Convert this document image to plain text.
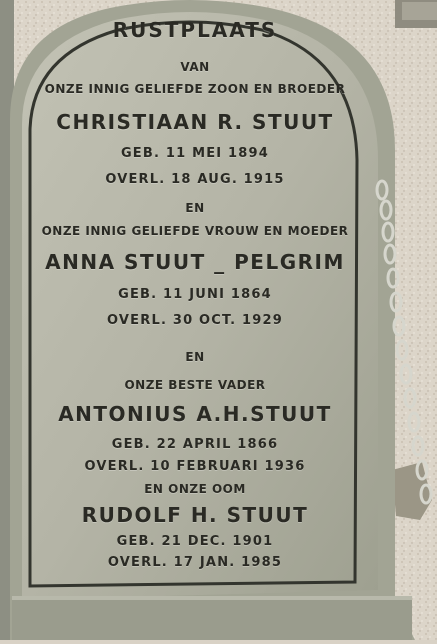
RUSTPLAATS
VAN
ONZE INNIG GELIEFDE ZOON EN BROEDER
CHRISTIAAN R. STUUT
GEB. 11 MEI 1894
OVERL. 18 AUG. 1915
EN
ONZE INNIG GELIEFDE VROUW EN MOEDER
ANNA STUUT _ PELGRIM
GEB. 11 JUNI 1864
OVERL. 30 OCT. 1929
EN
ONZE BESTE VADER
ANTONIUS A.H.STUUT
GEB. 22 APRIL 1866
OVERL. 10 FEBRUARI 1936
EN ONZE OOM
RUDOLF H. STUUT
GEB. 21 DEC. 1901
OVERL. 17 JAN. 1985
